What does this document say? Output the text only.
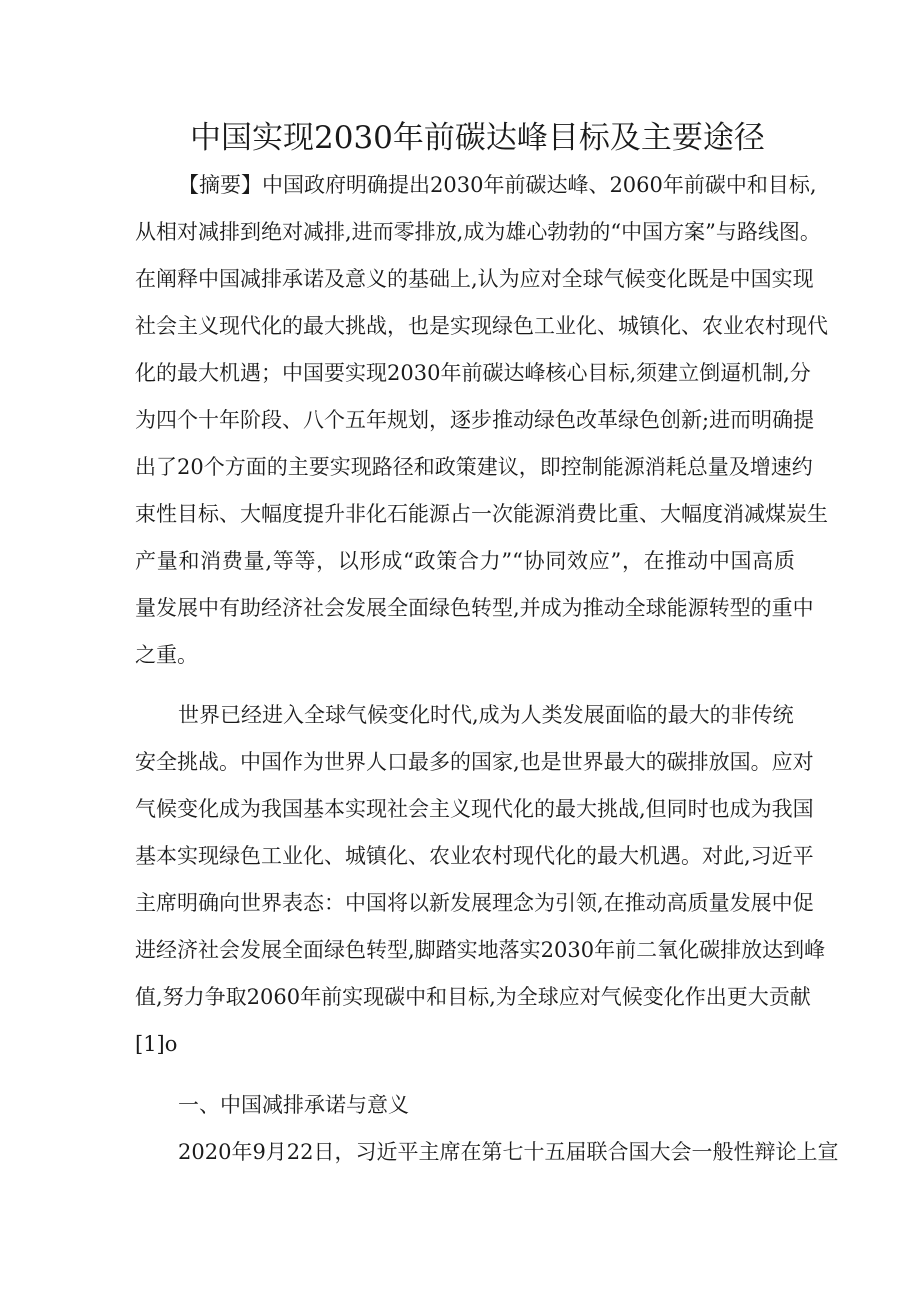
中国实现2030年前碳达峰目标及主要途径
【摘要】中国政府明确提出2030年前碳达峰、2060年前碳中和目标,
从相对减排到绝对减排,进而零排放,成为雄心勃勃的“中国方案”与路线图。
在阐释中国减排承诺及意义的基础上,认为应对全球气候变化既是中国实现
社会主义现代化的最大挑战，也是实现绿色工业化、城镇化、农业农村现代
化的最大机遇；中国要实现2030年前碳达峰核心目标,须建立倒逼机制,分
为四个十年阶段、八个五年规划，逐步推动绿色改革绿色创新;进而明确提
出了20个方面的主要实现路径和政策建议，即控制能源消耗总量及增速约
束性目标、大幅度提升非化石能源占一次能源消费比重、大幅度消减煤炭生
产量和消费量,等等，以形成“政策合力”“协同效应”，在推动中国高质
量发展中有助经济社会发展全面绿色转型,并成为推动全球能源转型的重中
之重。
世界已经进入全球气候变化时代,成为人类发展面临的最大的非传统
安全挑战。中国作为世界人口最多的国家,也是世界最大的碳排放国。应对
气候变化成为我国基本实现社会主义现代化的最大挑战,但同时也成为我国
基本实现绿色工业化、城镇化、农业农村现代化的最大机遇。对此,习近平
主席明确向世界表态：中国将以新发展理念为引领,在推动高质量发展中促
进经济社会发展全面绿色转型,脚踏实地落实2030年前二氧化碳排放达到峰
值,努力争取2060年前实现碳中和目标,为全球应对气候变化作出更大贡献
[1]o
一、中国减排承诺与意义
2020年9月22日，习近平主席在第七十五届联合国大会一般性辩论上宣
